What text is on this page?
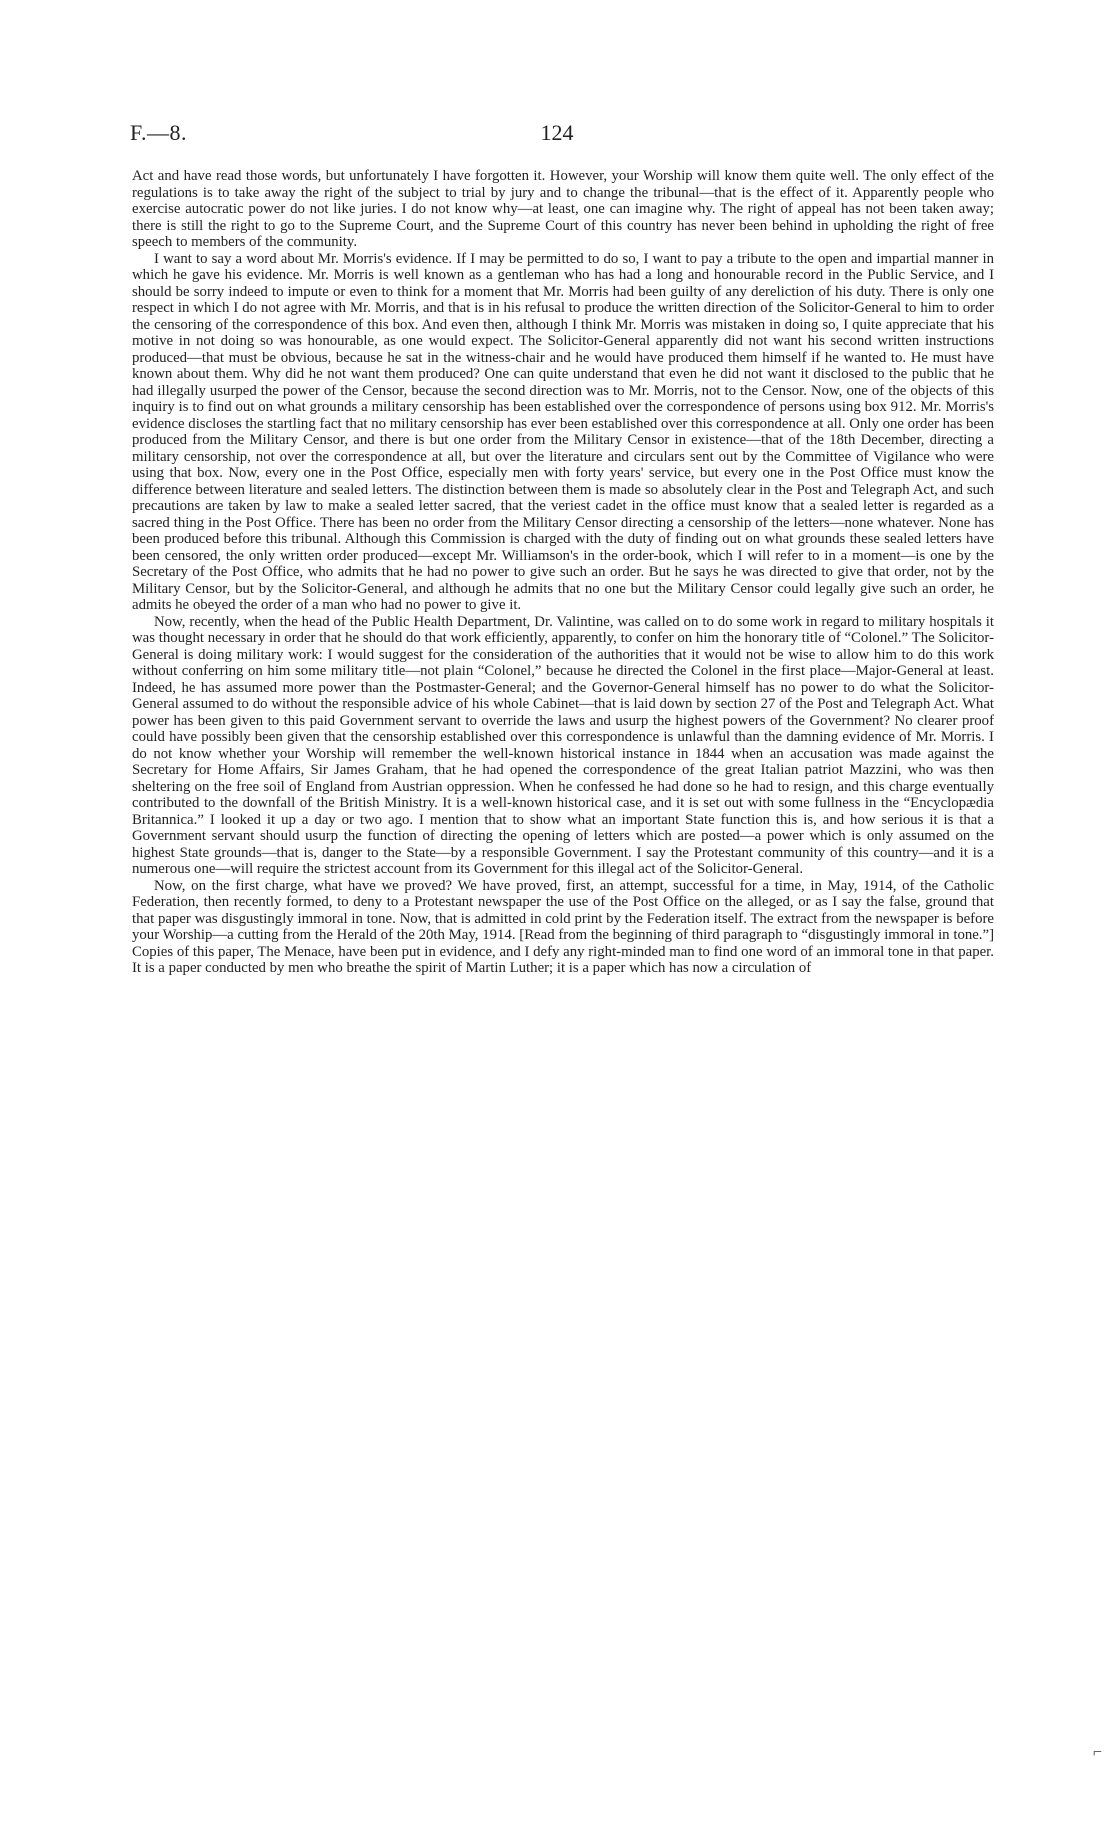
F.—8.	124

Act and have read those words, but unfortunately I have forgotten it. However, your Worship will know them quite well. The only effect of the regulations is to take away the right of the subject to trial by jury and to change the tribunal—that is the effect of it. Apparently people who exercise autocratic power do not like juries. I do not know why—at least, one can imagine why. The right of appeal has not been taken away; there is still the right to go to the Supreme Court, and the Supreme Court of this country has never been behind in upholding the right of free speech to members of the community.

I want to say a word about Mr. Morris's evidence. If I may be permitted to do so, I want to pay a tribute to the open and impartial manner in which he gave his evidence. Mr. Morris is well known as a gentleman who has had a long and honourable record in the Public Service, and I should be sorry indeed to impute or even to think for a moment that Mr. Morris had been guilty of any dereliction of his duty. There is only one respect in which I do not agree with Mr. Morris, and that is in his refusal to produce the written direction of the Solicitor-General to him to order the censoring of the correspondence of this box. And even then, although I think Mr. Morris was mistaken in doing so, I quite appreciate that his motive in not doing so was honourable, as one would expect. The Solicitor-General apparently did not want his second written instructions produced—that must be obvious, because he sat in the witness-chair and he would have produced them himself if he wanted to. He must have known about them. Why did he not want them produced? One can quite understand that even he did not want it disclosed to the public that he had illegally usurped the power of the Censor, because the second direction was to Mr. Morris, not to the Censor. Now, one of the objects of this inquiry is to find out on what grounds a military censorship has been established over the correspondence of persons using box 912. Mr. Morris's evidence discloses the startling fact that no military censorship has ever been established over this correspondence at all. Only one order has been produced from the Military Censor, and there is but one order from the Military Censor in existence—that of the 18th December, directing a military censorship, not over the correspondence at all, but over the literature and circulars sent out by the Committee of Vigilance who were using that box. Now, every one in the Post Office, especially men with forty years' service, but every one in the Post Office must know the difference between literature and sealed letters. The distinction between them is made so absolutely clear in the Post and Telegraph Act, and such precautions are taken by law to make a sealed letter sacred, that the veriest cadet in the office must know that a sealed letter is regarded as a sacred thing in the Post Office. There has been no order from the Military Censor directing a censorship of the letters—none whatever. None has been produced before this tribunal. Although this Commission is charged with the duty of finding out on what grounds these sealed letters have been censored, the only written order produced—except Mr. Williamson's in the order-book, which I will refer to in a moment—is one by the Secretary of the Post Office, who admits that he had no power to give such an order. But he says he was directed to give that order, not by the Military Censor, but by the Solicitor-General, and although he admits that no one but the Military Censor could legally give such an order, he admits he obeyed the order of a man who had no power to give it.

Now, recently, when the head of the Public Health Department, Dr. Valintine, was called on to do some work in regard to military hospitals it was thought necessary in order that he should do that work efficiently, apparently, to confer on him the honorary title of “Colonel.” The Solicitor-General is doing military work: I would suggest for the consideration of the authorities that it would not be wise to allow him to do this work without conferring on him some military title—not plain “Colonel,” because he directed the Colonel in the first place—Major-General at least. Indeed, he has assumed more power than the Postmaster-General; and the Governor-General himself has no power to do what the Solicitor-General assumed to do without the responsible advice of his whole Cabinet—that is laid down by section 27 of the Post and Telegraph Act. What power has been given to this paid Government servant to override the laws and usurp the highest powers of the Government? No clearer proof could have possibly been given that the censorship established over this correspondence is unlawful than the damning evidence of Mr. Morris. I do not know whether your Worship will remember the well-known historical instance in 1844 when an accusation was made against the Secretary for Home Affairs, Sir James Graham, that he had opened the correspondence of the great Italian patriot Mazzini, who was then sheltering on the free soil of England from Austrian oppression. When he confessed he had done so he had to resign, and this charge eventually contributed to the downfall of the British Ministry. It is a well-known historical case, and it is set out with some fullness in the “Encyclopædia Britannica.” I looked it up a day or two ago. I mention that to show what an important State function this is, and how serious it is that a Government servant should usurp the function of directing the opening of letters which are posted—a power which is only assumed on the highest State grounds—that is, danger to the State—by a responsible Government. I say the Protestant community of this country—and it is a numerous one—will require the strictest account from its Government for this illegal act of the Solicitor-General.

Now, on the first charge, what have we proved? We have proved, first, an attempt, successful for a time, in May, 1914, of the Catholic Federation, then recently formed, to deny to a Protestant newspaper the use of the Post Office on the alleged, or as I say the false, ground that that paper was disgustingly immoral in tone. Now, that is admitted in cold print by the Federation itself. The extract from the newspaper is before your Worship—a cutting from the Herald of the 20th May, 1914. [Read from the beginning of third paragraph to “disgustingly immoral in tone.”] Copies of this paper, The Menace, have been put in evidence, and I defy any right-minded man to find one word of an immoral tone in that paper. It is a paper conducted by men who breathe the spirit of Martin Luther; it is a paper which has now a circulation of

⌐
